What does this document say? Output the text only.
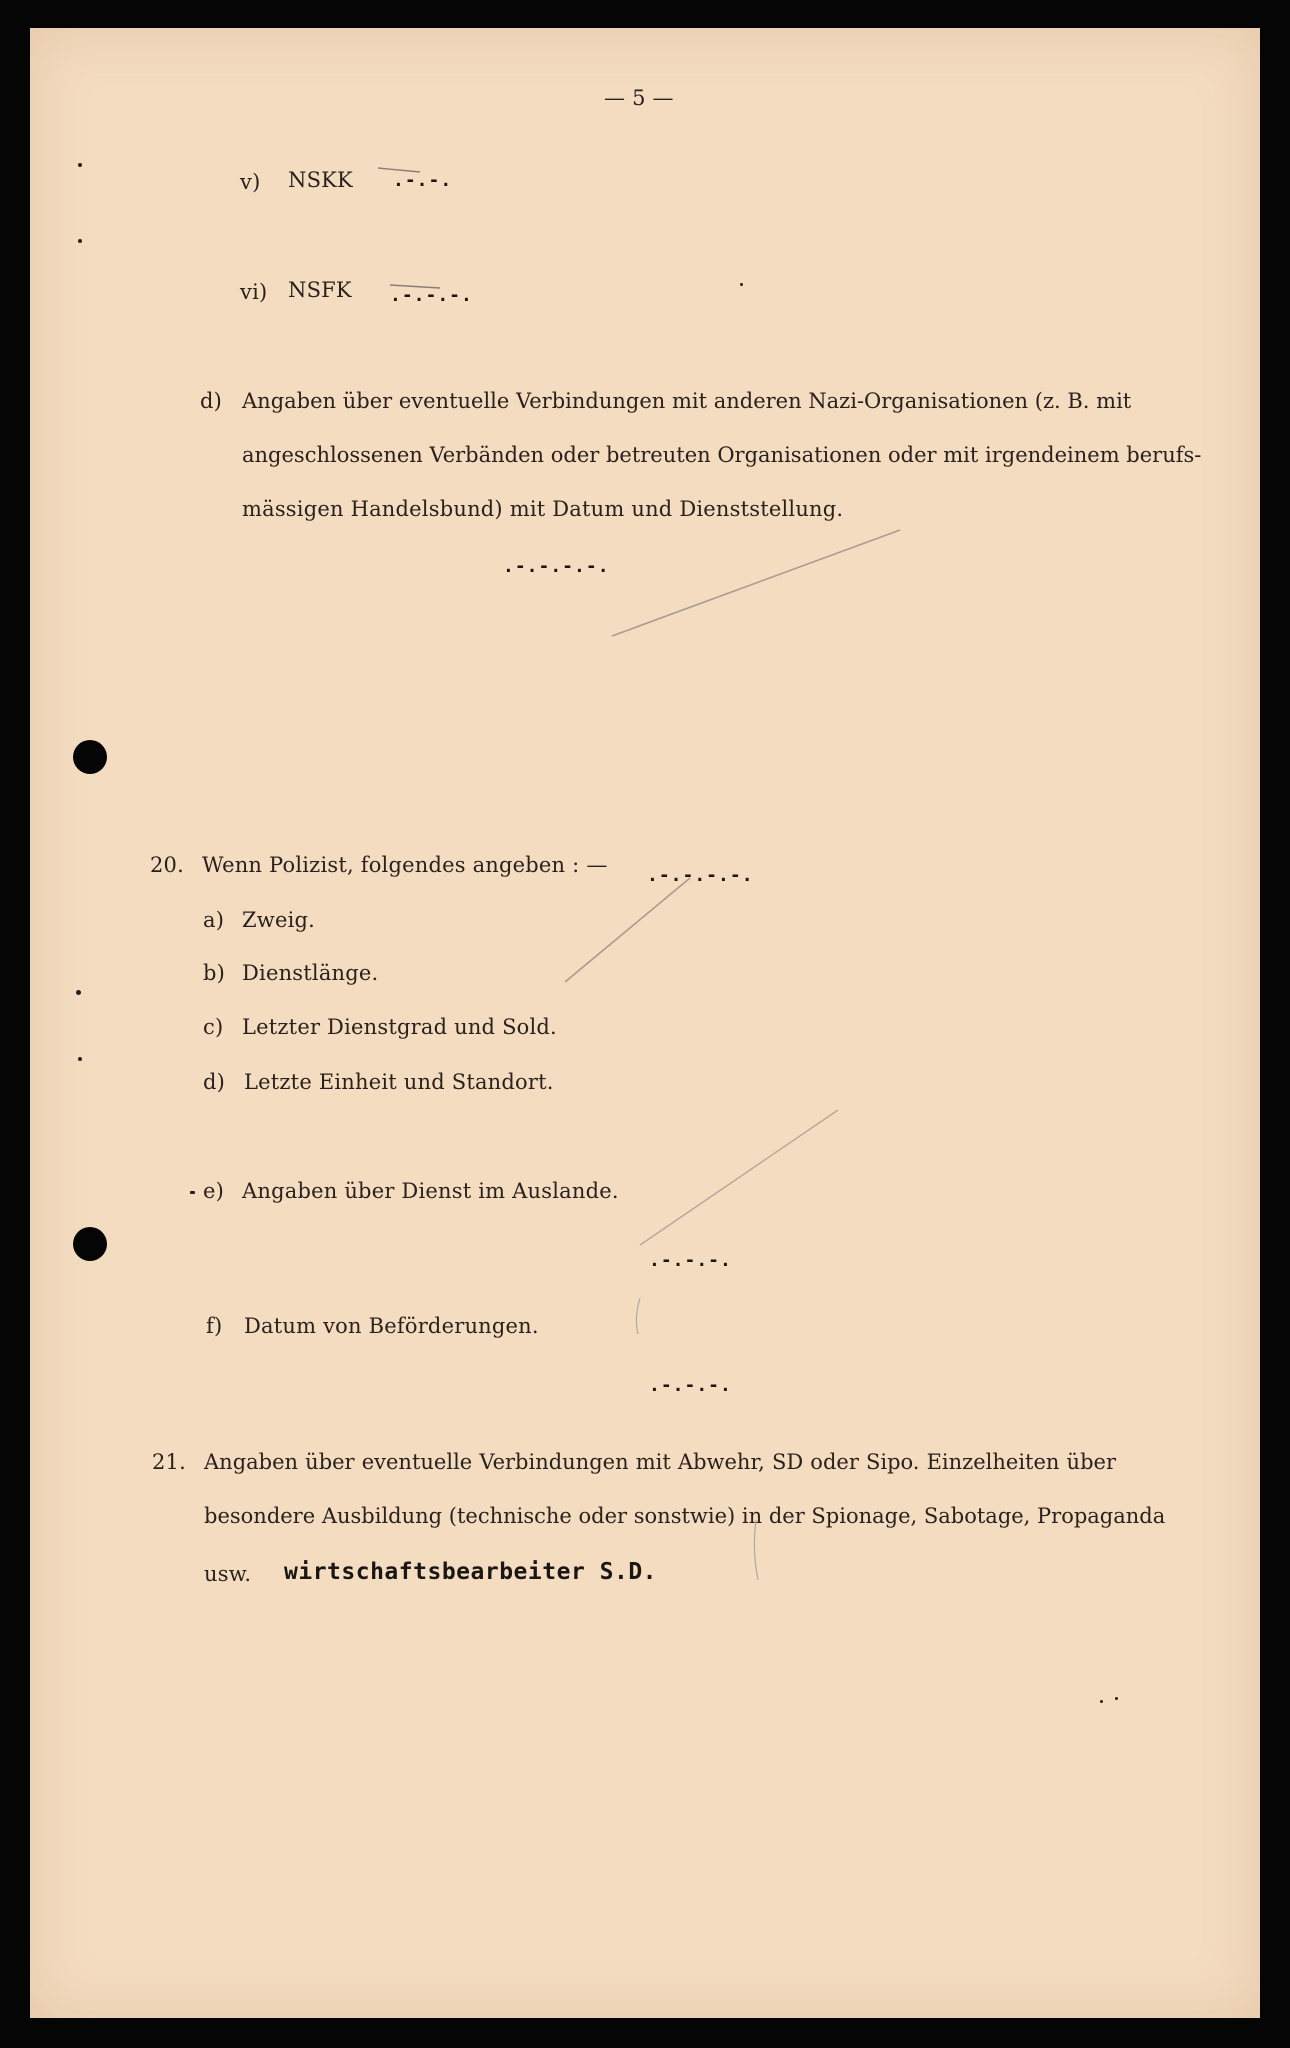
— 5 —
v) NSKK .-.-.
vi) NSFK .-.-.-.
d) Angaben über eventuelle Verbindungen mit anderen Nazi-Organisationen (z. B. mit
angeschlossenen Verbänden oder betreuten Organisationen oder mit irgendeinem berufs-
mässigen Handelsbund) mit Datum und Dienststellung.
.-.-.-.-.
20. Wenn Polizist, folgendes angeben : — .-.-.-.-.
a) Zweig.
b) Dienstlänge.
c) Letzter Dienstgrad und Sold.
d) Letzte Einheit und Standort.
e) Angaben über Dienst im Auslande.
.-.-.-.
f) Datum von Beförderungen.
.-.-.-.
21. Angaben über eventuelle Verbindungen mit Abwehr, SD oder Sipo. Einzelheiten über
besondere Ausbildung (technische oder sonstwie) in der Spionage, Sabotage, Propaganda
usw. wirtschaftsbearbeiter S.D.
